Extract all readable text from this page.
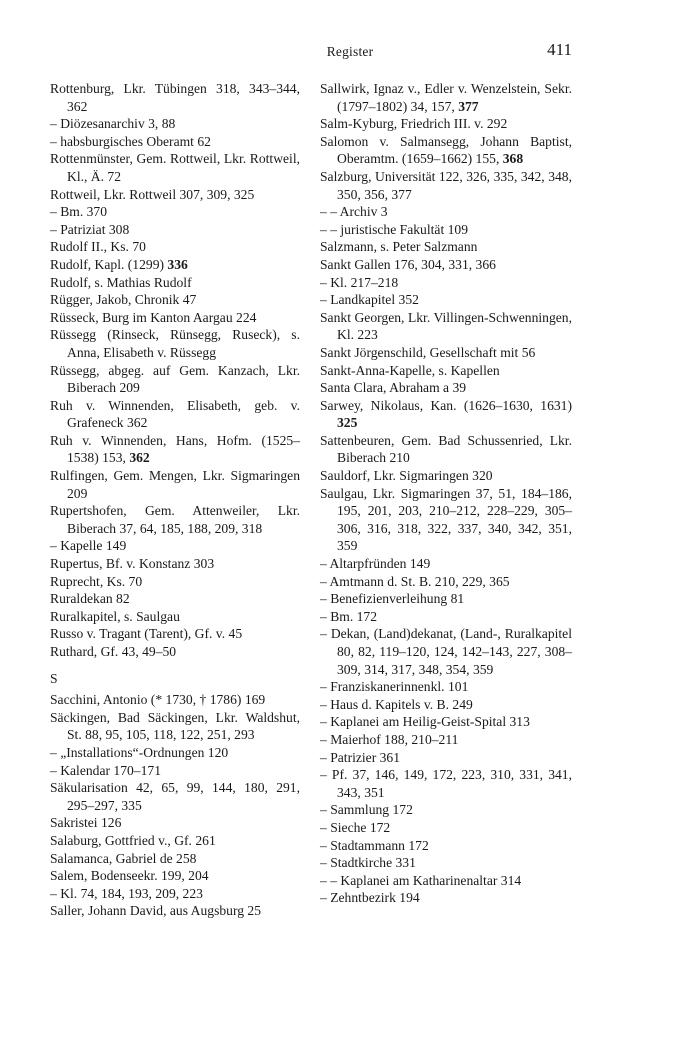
Register	411
Rottenburg, Lkr. Tübingen 318, 343–344, 362
– Diözesanarchiv 3, 88
– habsburgisches Oberamt 62
Rottenmünster, Gem. Rottweil, Lkr. Rottweil, Kl., Ä. 72
Rottweil, Lkr. Rottweil 307, 309, 325
– Bm. 370
– Patriziat 308
Rudolf II., Ks. 70
Rudolf, Kapl. (1299) 336
Rudolf, s. Mathias Rudolf
Rügger, Jakob, Chronik 47
Rüsseck, Burg im Kanton Aargau 224
Rüssegg (Rinseck, Rünsegg, Ruseck), s. Anna, Elisabeth v. Rüssegg
Rüssegg, abgeg. auf Gem. Kanzach, Lkr. Biberach 209
Ruh v. Winnenden, Elisabeth, geb. v. Grafeneck 362
Ruh v. Winnenden, Hans, Hofm. (1525–1538) 153, 362
Rulfingen, Gem. Mengen, Lkr. Sigmaringen 209
Rupertshofen, Gem. Attenweiler, Lkr. Biberach 37, 64, 185, 188, 209, 318
– Kapelle 149
Rupertus, Bf. v. Konstanz 303
Ruprecht, Ks. 70
Ruraldekan 82
Ruralkapitel, s. Saulgau
Russo v. Tragant (Tarent), Gf. v. 45
Ruthard, Gf. 43, 49–50
S
Sacchini, Antonio (* 1730, † 1786) 169
Säckingen, Bad Säckingen, Lkr. Waldshut, St. 88, 95, 105, 118, 122, 251, 293
– „Installations“-Ordnungen 120
– Kalendar 170–171
Säkularisation 42, 65, 99, 144, 180, 291, 295–297, 335
Sakristei 126
Salaburg, Gottfried v., Gf. 261
Salamanca, Gabriel de 258
Salem, Bodenseekr. 199, 204
– Kl. 74, 184, 193, 209, 223
Saller, Johann David, aus Augsburg 25
Sallwirk, Ignaz v., Edler v. Wenzelstein, Sekr. (1797–1802) 34, 157, 377
Salm-Kyburg, Friedrich III. v. 292
Salomon v. Salmansegg, Johann Baptist, Oberamtm. (1659–1662) 155, 368
Salzburg, Universität 122, 326, 335, 342, 348, 350, 356, 377
– – Archiv 3
– – juristische Fakultät 109
Salzmann, s. Peter Salzmann
Sankt Gallen 176, 304, 331, 366
– Kl. 217–218
– Landkapitel 352
Sankt Georgen, Lkr. Villingen-Schwenningen, Kl. 223
Sankt Jörgenschild, Gesellschaft mit 56
Sankt-Anna-Kapelle, s. Kapellen
Santa Clara, Abraham a 39
Sarwey, Nikolaus, Kan. (1626–1630, 1631) 325
Sattenbeuren, Gem. Bad Schussenried, Lkr. Biberach 210
Sauldorf, Lkr. Sigmaringen 320
Saulgau, Lkr. Sigmaringen 37, 51, 184–186, 195, 201, 203, 210–212, 228–229, 305–306, 316, 318, 322, 337, 340, 342, 351, 359
– Altarpfründen 149
– Amtmann d. St. B. 210, 229, 365
– Benefizienverleihung 81
– Bm. 172
– Dekan, (Land)dekanat, (Land-, Ruralkapitel 80, 82, 119–120, 124, 142–143, 227, 308–309, 314, 317, 348, 354, 359
– Franziskanerinnenkl. 101
– Haus d. Kapitels v. B. 249
– Kaplanei am Heilig-Geist-Spital 313
– Maierhof 188, 210–211
– Patrizier 361
– Pf. 37, 146, 149, 172, 223, 310, 331, 341, 343, 351
– Sammlung 172
– Sieche 172
– Stadtammann 172
– Stadtkirche 331
– – Kaplanei am Katharinenaltar 314
– Zehntbezirk 194
